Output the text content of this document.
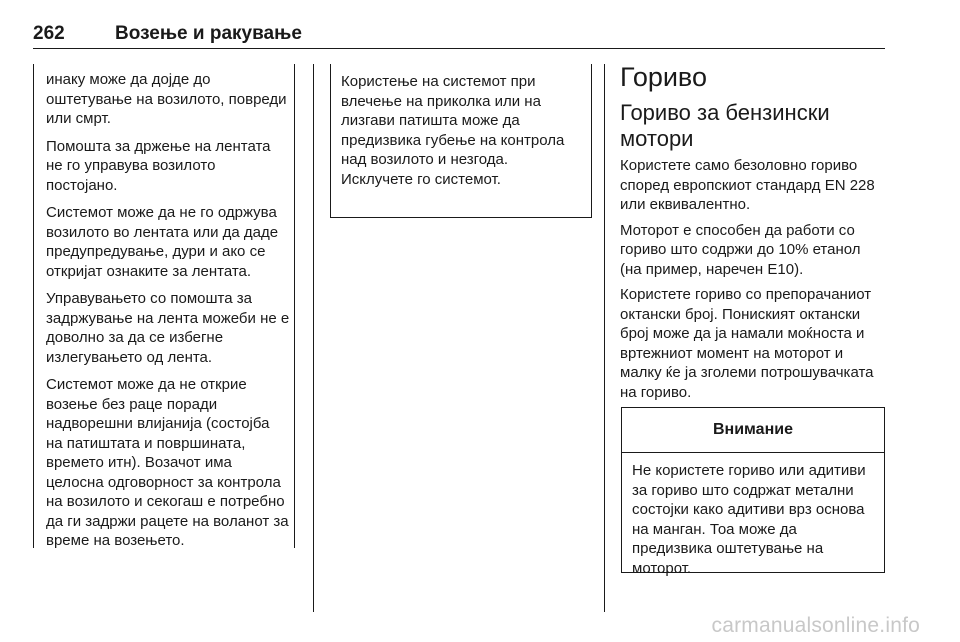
262	Возење и ракување

инаку може да дојде до оштетување на возилото, повреди или смрт.

Помошта за држење на лентата не го управува возилото постојано.

Системот може да не го одржува возилото во лентата или да даде предупредување, дури и ако се откријат ознаките за лентата.

Управувањето со помошта за задржување на лента можеби не е доволно за да се избегне излегувањето од лента.

Системот може да не открие возење без раце поради надворешни влијанија (состојба на патиштата и површината, времето итн). Возачот има целосна одговорност за контрола на возилото и секогаш е потребно да ги задржи рацете на воланот за време на возењето.

Користење на системот при влечење на приколка или на лизгави патишта може да предизвика губење на контрола над возилото и незгода. Исклучете го системот.

Гориво
Гориво за бензински мотори

Користете само безоловно гориво според европскиот стандард EN 228 или еквивалентно.

Моторот е способен да работи со гориво што содржи до 10% етанол (на пример, наречен E10).

Користете гориво со препорачаниот октански број. Пониският октански број може да ја намали моќноста и вртежниот момент на моторот и малку ќе ја зголеми потрошувачката на гориво.

Внимание
Не користете гориво или адитиви за гориво што содржат метални состојки како адитиви врз основа на манган. Тоа може да предизвика оштетување на моторот.
carmanualsonline.info
